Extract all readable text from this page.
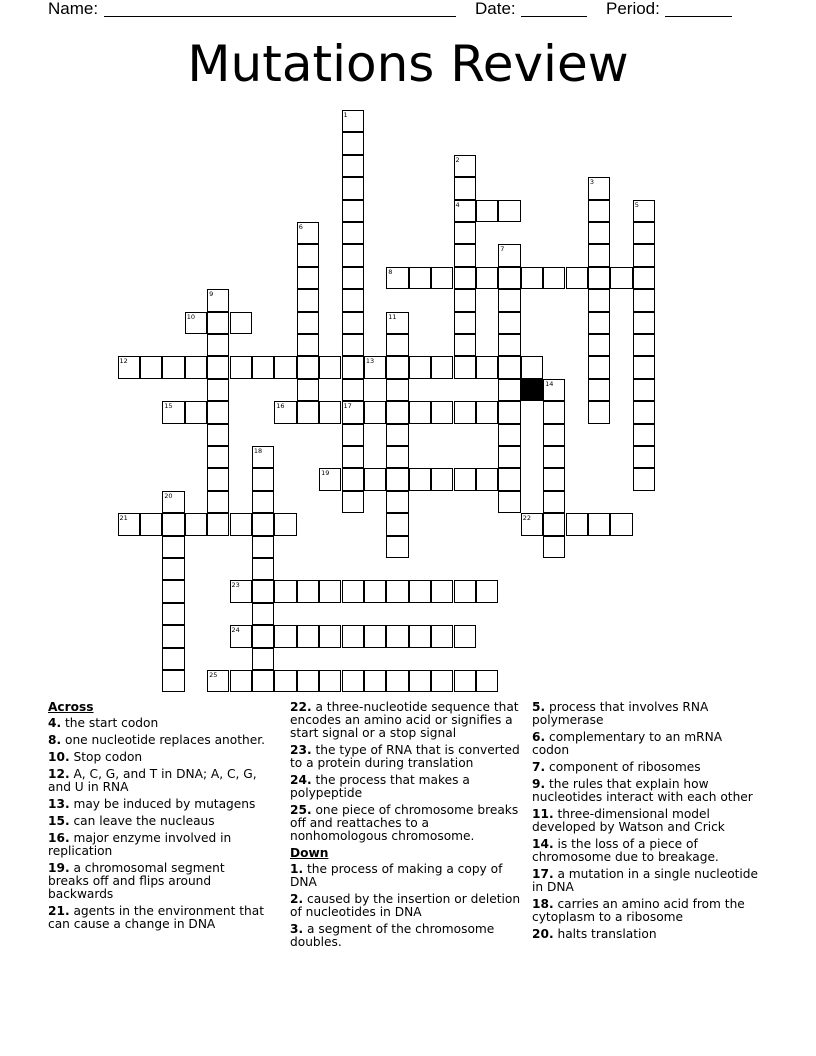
Name:	Date:	Period:
Mutations Review
1
17
2
4
3
5
6
7
8
9
10	11
12	13
14
15	16
18
19
20
21	22
23
24
25
Across
4. the start codon
8. one nucleotide replaces another.
10. Stop codon
12. A, C, G, and T in DNA; A, C, G, and U in RNA
13. may be induced by mutagens
15. can leave the nucleaus
16. major enzyme involved in replication
19. a chromosomal segment breaks off and flips around backwards
21. agents in the environment that can cause a change in DNA
22. a three-nucleotide sequence that encodes an amino acid or signifies a start signal or a stop signal
23. the type of RNA that is converted to a protein during translation
24. the process that makes a polypeptide
25. one piece of chromosome breaks off and reattaches to a nonhomologous chromosome.
Down
1. the process of making a copy of DNA
2. caused by the insertion or deletion of nucleotides in DNA
3. a segment of the chromosome doubles.
5. process that involves RNA polymerase
6. complementary to an mRNA codon
7. component of ribosomes
9. the rules that explain how nucleotides interact with each other
11. three-dimensional model developed by Watson and Crick
14. is the loss of a piece of chromosome due to breakage.
17. a mutation in a single nucleotide in DNA
18. carries an amino acid from the cytoplasm to a ribosome
20. halts translation
